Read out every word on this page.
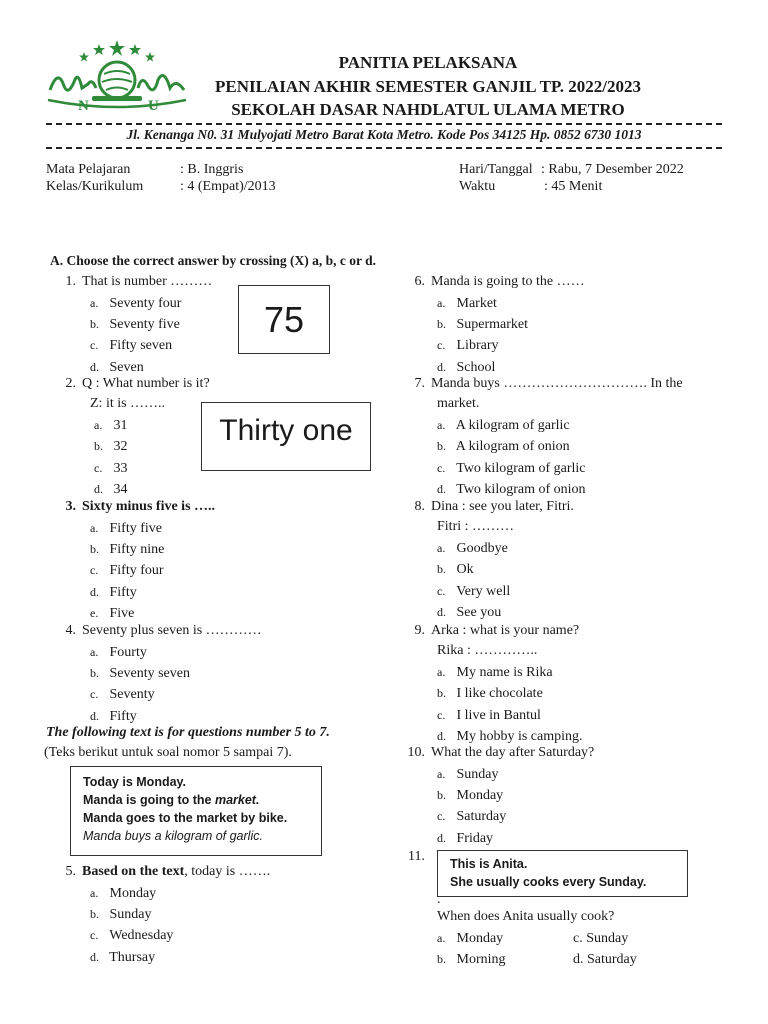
N	U
PANITIA PELAKSANA
PENILAIAN AKHIR SEMESTER GANJIL TP. 2022/2023
SEKOLAH DASAR NAHDLATUL ULAMA METRO
Jl. Kenanga N0. 31 Mulyojati Metro Barat Kota Metro. Kode Pos 34125 Hp. 0852 6730 1013
Mata Pelajaran	: B. Inggris
Kelas/Kurikulum	: 4 (Empat)/2013
Hari/Tanggal : Rabu, 7 Desember 2022
Waktu	: 45 Menit
A. Choose the correct answer by crossing (X) a, b, c or d.
1. That is number ………
a. Seventy four
b. Seventy five
c. Fifty seven
d. Seven
75
2. Q : What number is it?
Z: it is ……..
a. 31
b. 32
c. 33
d. 34
Thirty one
3. Sixty minus five is …..
a. Fifty five
b. Fifty nine
c. Fifty four
d. Fifty
e. Five
4. Seventy plus seven is …………
a. Fourty
b. Seventy seven
c. Seventy
d. Fifty
The following text is for questions number 5 to 7.
(Teks berikut untuk soal nomor 5 sampai 7).
Today is Monday.
Manda is going to the market.
Manda goes to the market by bike.
Manda buys a kilogram of garlic.
5. Based on the text, today is …….
a. Monday
b. Sunday
c. Wednesday
d. Thursay
6. Manda is going to the ……
a. Market
b. Supermarket
c. Library
d. School
7. Manda buys …………………………. In the
market.
a. A kilogram of garlic
b. A kilogram of onion
c. Two kilogram of garlic
d. Two kilogram of onion
8. Dina : see you later, Fitri.
Fitri : ………
a. Goodbye
b. Ok
c. Very well
d. See you
9. Arka : what is your name?
Rika : …………..
a. My name is Rika
b. I like chocolate
c. I live in Bantul
d. My hobby is camping.
10. What the day after Saturday?
a. Sunday
b. Monday
c. Saturday
d. Friday
11.	This is Anita.
She usually cooks every Sunday.
.
When does Anita usually cook?
a. Monday	c. Sunday
b. Morning	d. Saturday
